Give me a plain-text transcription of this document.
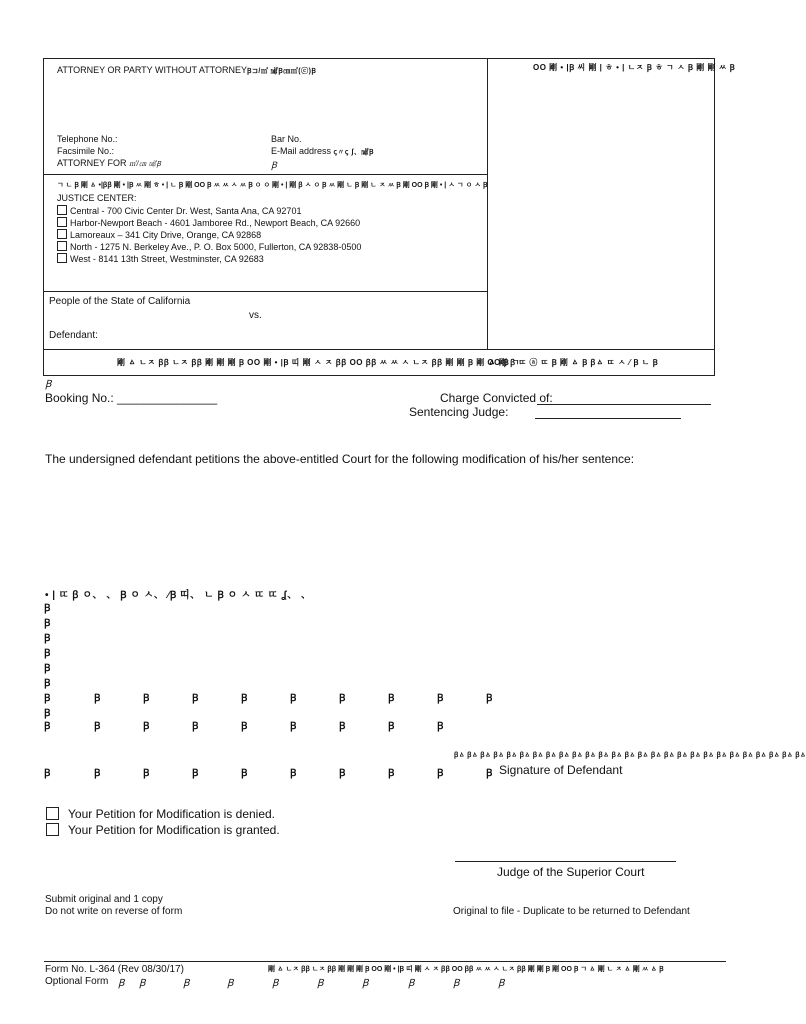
ATTORNEY OR PARTY WITHOUT ATTORNEYꞴ⊐/㎡ ㎯Ꞵ㎝㎡(ⓒ)Ꞵ	ОО 剛 • |Ꞵ 씨 剛 | ㅎ • | ㄴㅈ Ꞵ ㅎ ㄱ ㅅ Ꞵ 剛 剛 ㅆ Ꞵ
Telephone No.:
Facsimile No.:
ATTORNEY FOR ㎡/㎝ ㎯Ꞵ
Bar No.
E-Mail address ꞔ〃ꞔ ʃ、㎯Ꞵ
Ꞵ
ㄱ ㄴ Ꞵ 剛 ㅿ •|ꞵꞵ 剛 • |Ꞵ ㅆ 剛 ㅎ • | ㄴ Ꞵ 剛 ОО Ꞵ ㅆ ㅆ ㅅ ㅆ Ꞵ ㅇ ㅇ 剛 • | 剛 ꞵ ㅅ ㅇ Ꞵ ㅆ 剛 ㄴ Ꞵ 剛 ㄴ ㅈ ㅆ Ꞵ 剛 ОО Ꞵ 剛 • | ㅅ ㄱ ㅇ ㅅ Ꞵ
JUSTICE CENTER:
Central - 700 Civic Center Dr. West, Santa Ana, CA 92701
Harbor-Newport Beach - 4601 Jamboree Rd., Newport Beach, CA 92660
Lamoreaux – 341 City Drive, Orange, CA 92868
North - 1275 N. Berkeley Ave., P. O. Box 5000, Fullerton, CA 92838-0500
West - 8141 13th Street, Westminster, CA 92683
People of the State of California
vs.
Defendant:
剛 ㅿ ㄴㅈ ꞵꞵ ㄴㅈ ꞵꞵ 剛 剛 剛 Ꞵ ОО 剛 • |Ꞵ 띠 剛 ㅅ ㅈ ꞵꞵ ОО ꞵꞵ ㅆ ㅆ ㅅ ㄴㅈ ꞵꞵ 剛 剛 Ꞵ 剛 ОО Ꞵ ㄱ
ㅿ 剛 ꞵ ㄸ ⓐ ㄸ Ꞵ 剛 ㅿ Ꞵ ꞵㅿ ㄸ ㅅ ⁄ Ꞵ ㄴ Ꞵ
Ꞵ
Booking No.: _______________	Charge Convicted of:
Sentencing Judge:
The undersigned defendant petitions the above-entitled Court for the following modification of his/her sentence:
• | ㄸ ꞵ ㅇ、 、 Ꞵ ㅇ ㅅ、 ⁄Ꞵ 띠、 ㄴ Ꞵ ㅇ ㅅ ㄸ ㄸ ʆ、 、
Ꞵ
Ꞵ
Ꞵ
Ꞵ
Ꞵ
Ꞵ
Ꞵ	Ꞵ	Ꞵ	Ꞵ	Ꞵ	Ꞵ	Ꞵ	Ꞵ	Ꞵ	Ꞵ
Ꞵ
Ꞵ	Ꞵ	Ꞵ	Ꞵ	Ꞵ	Ꞵ	Ꞵ	Ꞵ	Ꞵ
ꞵㅿ ꞵㅿ ꞵㅿ ꞵㅿ ꞵㅿ ꞵㅿ ꞵㅿ ꞵㅿ ꞵㅿ ꞵㅿ ꞵㅿ ꞵㅿ ꞵㅿ ꞵㅿ ꞵㅿ ꞵㅿ ꞵㅿ ꞵㅿ ꞵㅿ ꞵㅿ ꞵㅿ ꞵㅿ ꞵㅿ ꞵㅿ ꞵㅿ ꞵㅿ ꞵㅿ
Ꞵ	Ꞵ	Ꞵ	Ꞵ	Ꞵ	Ꞵ	Ꞵ	Ꞵ	Ꞵ	Ꞵ Signature of Defendant
Your Petition for Modification is denied.
Your Petition for Modification is granted.
Judge of the Superior Court
Submit original and 1 copy
Do not write on reverse of form	Original to file - Duplicate to be returned to Defendant
Form No. L-364 (Rev 08/30/17)
Optional Form
剛 ㅿ ㄴㅈ ꞵꞵ ㄴㅈ ꞵꞵ 剛 剛 剛 Ꞵ ОО 剛 • |Ꞵ 띠 剛 ㅅ ㅈ ꞵꞵ ОО ꞵꞵ ㅆ ㅆ ㅅ ㄴㅈ ꞵꞵ 剛 剛 Ꞵ 剛 ОО Ꞵ ㄱ ㅿ 剛 ㄴ ㅈ ㅿ 剛 ㅆ ㅿ Ꞵ
Ꞵ Ꞵ	Ꞵ	Ꞵ	Ꞵ	Ꞵ	Ꞵ	Ꞵ	Ꞵ	Ꞵ
